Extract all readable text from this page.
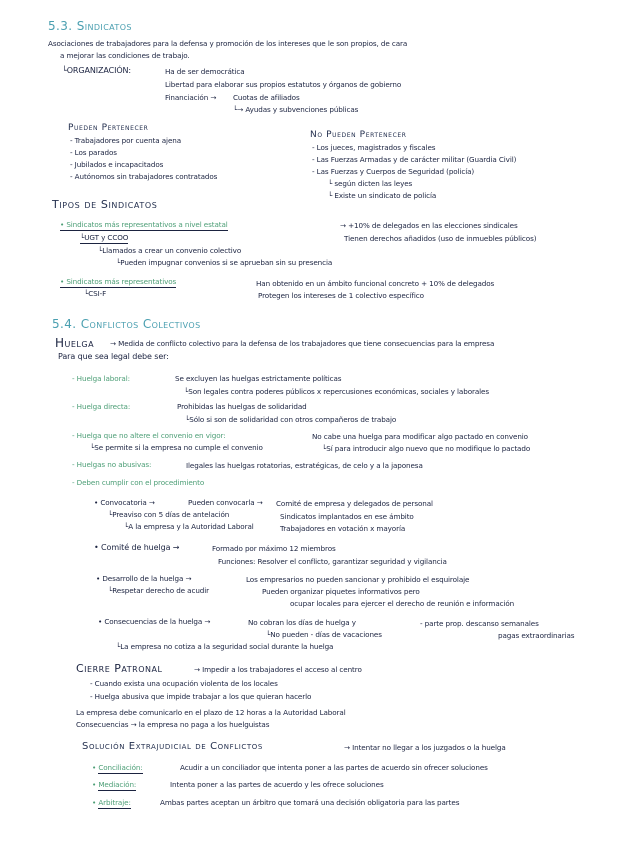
5.3. Sindicatos
Asociaciones de trabajadores para la defensa y promoción de los intereses que le son propios, de cara
a mejorar las condiciones de trabajo.
└ORGANIZACIÓN:	Ha de ser democrática
Libertad para elaborar sus propios estatutos y órganos de gobierno
Financiación → Cuotas de afiliados
└→ Ayudas y subvenciones públicas
Pueden Pertenecer
- Trabajadores por cuenta ajena
- Los parados
- Jubilados e incapacitados
- Autónomos sin trabajadores contratados
No Pueden Pertenecer
- Los jueces, magistrados y fiscales
- Las Fuerzas Armadas y de carácter militar (Guardia Civil)
- Las Fuerzas y Cuerpos de Seguridad (policía)
└ según dicten las leyes
└ Existe un sindicato de policía
Tipos de Sindicatos
• Sindicatos más representativos a nivel estatal	→ +10% de delegados en las elecciones sindicales
Tienen derechos añadidos (uso de inmuebles públicos)
└UGT y CCOO
└Llamados a crear un convenio colectivo
└Pueden impugnar convenios si se aprueban sin su presencia
• Sindicatos más representativos	Han obtenido en un ámbito funcional concreto + 10% de delegados
Protegen los intereses de 1 colectivo específico
└CSI-F
5.4. Conflictos Colectivos
Huelga → Medida de conflicto colectivo para la defensa de los trabajadores que tiene consecuencias para la empresa
Para que sea legal debe ser:
- Huelga laboral:	Se excluyen las huelgas estrictamente políticas
└Son legales contra poderes públicos x repercusiones económicas, sociales y laborales
- Huelga directa:	Prohibidas las huelgas de solidaridad
└Sólo si son de solidaridad con otros compañeros de trabajo
- Huelga que no altere el convenio en vigor:	No cabe una huelga para modificar algo pactado en convenio
└Se permite si la empresa no cumple el convenio	└Sí para introducir algo nuevo que no modifique lo pactado
- Huelgas no abusivas:	Ilegales las huelgas rotatorias, estratégicas, de celo y a la japonesa
- Deben cumplir con el procedimiento
• Convocatoria →	Pueden convocarla → Comité de empresa y delegados de personal
Sindicatos implantados en ese ámbito
Trabajadores en votación x mayoría
└Preaviso con 5 días de antelación
└A la empresa y la Autoridad Laboral
• Comité de huelga →	Formado por máximo 12 miembros
Funciones: Resolver el conflicto, garantizar seguridad y vigilancia
• Desarrollo de la huelga →	Los empresarios no pueden sancionar y prohibido el esquirolaje
└Respetar derecho de acudir	Pueden organizar piquetes informativos pero
ocupar locales para ejercer el derecho de reunión e información
• Consecuencias de la huelga →	No cobran los días de huelga y	- parte prop. descanso semanales
└No pueden - días de vacaciones	pagas extraordinarias
└La empresa no cotiza a la seguridad social durante la huelga
Cierre Patronal	→ Impedir a los trabajadores el acceso al centro
- Cuando exista una ocupación violenta de los locales
- Huelga abusiva que impide trabajar a los que quieran hacerlo
La empresa debe comunicarlo en el plazo de 12 horas a la Autoridad Laboral
Consecuencias → la empresa no paga a los huelguistas
Solución Extrajudicial de Conflictos	→ Intentar no llegar a los juzgados o la huelga
• Conciliación:	Acudir a un conciliador que intenta poner a las partes de acuerdo sin ofrecer soluciones
• Mediación:	Intenta poner a las partes de acuerdo y les ofrece soluciones
• Arbitraje:	Ambas partes aceptan un árbitro que tomará una decisión obligatoria para las partes
